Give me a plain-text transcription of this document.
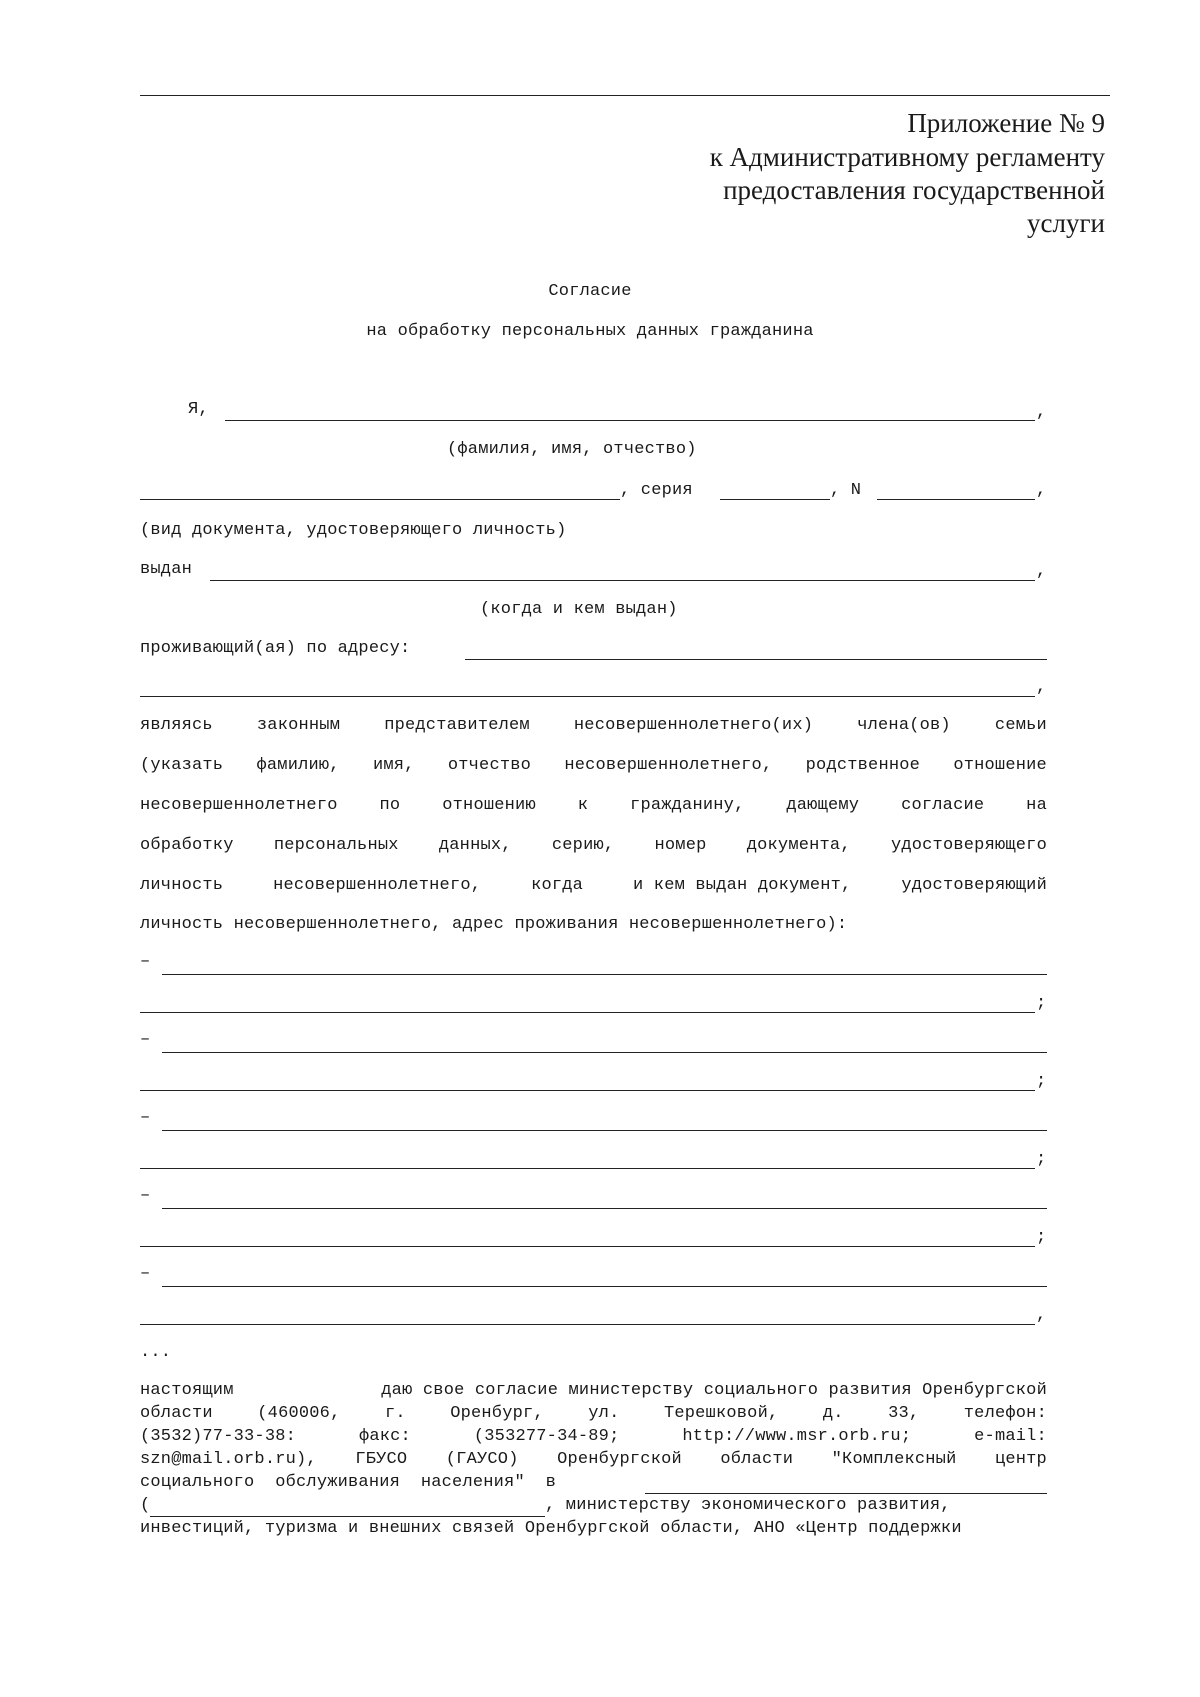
Приложение № 9
к Административному регламенту
предоставления государственной
услуги
Согласие
на обработку персональных данных гражданина
Я,	,
(фамилия, имя, отчество)
, серия	, N	,
(вид документа, удостоверяющего личность)
выдан	,
(когда и кем выдан)
проживающий(ая) по адресу:
,
являясь	законным	представителем	несовершеннолетнего(их)	члена(ов)	семьи
(указать фамилию, имя, отчество несовершеннолетнего, родственное отношение
несовершеннолетнего по отношению к гражданину, дающему согласие на
обработку персональных данных, серию, номер документа, удостоверяющего
личность	несовершеннолетнего,	когда	и кем выдан документ,	удостоверяющий
личность несовершеннолетнего, адрес проживания несовершеннолетнего):
–
;
–
;
–
;
–
;
–
,
...
настоящим	даю свое согласие министерству социального развития Оренбургской
области	(460006,	г.	Оренбург,	ул.	Терешковой,	д.	33,	телефон:
(3532)77-33-38:	факс:	(353277-34-89;	http://www.msr.orb.ru;	e-mail:
szn@mail.orb.ru), ГБУСО (ГАУСО) Оренбургской области "Комплексный центр
социального  обслуживания  населения"  в
(	, министерству экономического развития,
инвестиций, туризма и внешних связей Оренбургской области, АНО «Центр поддержки
